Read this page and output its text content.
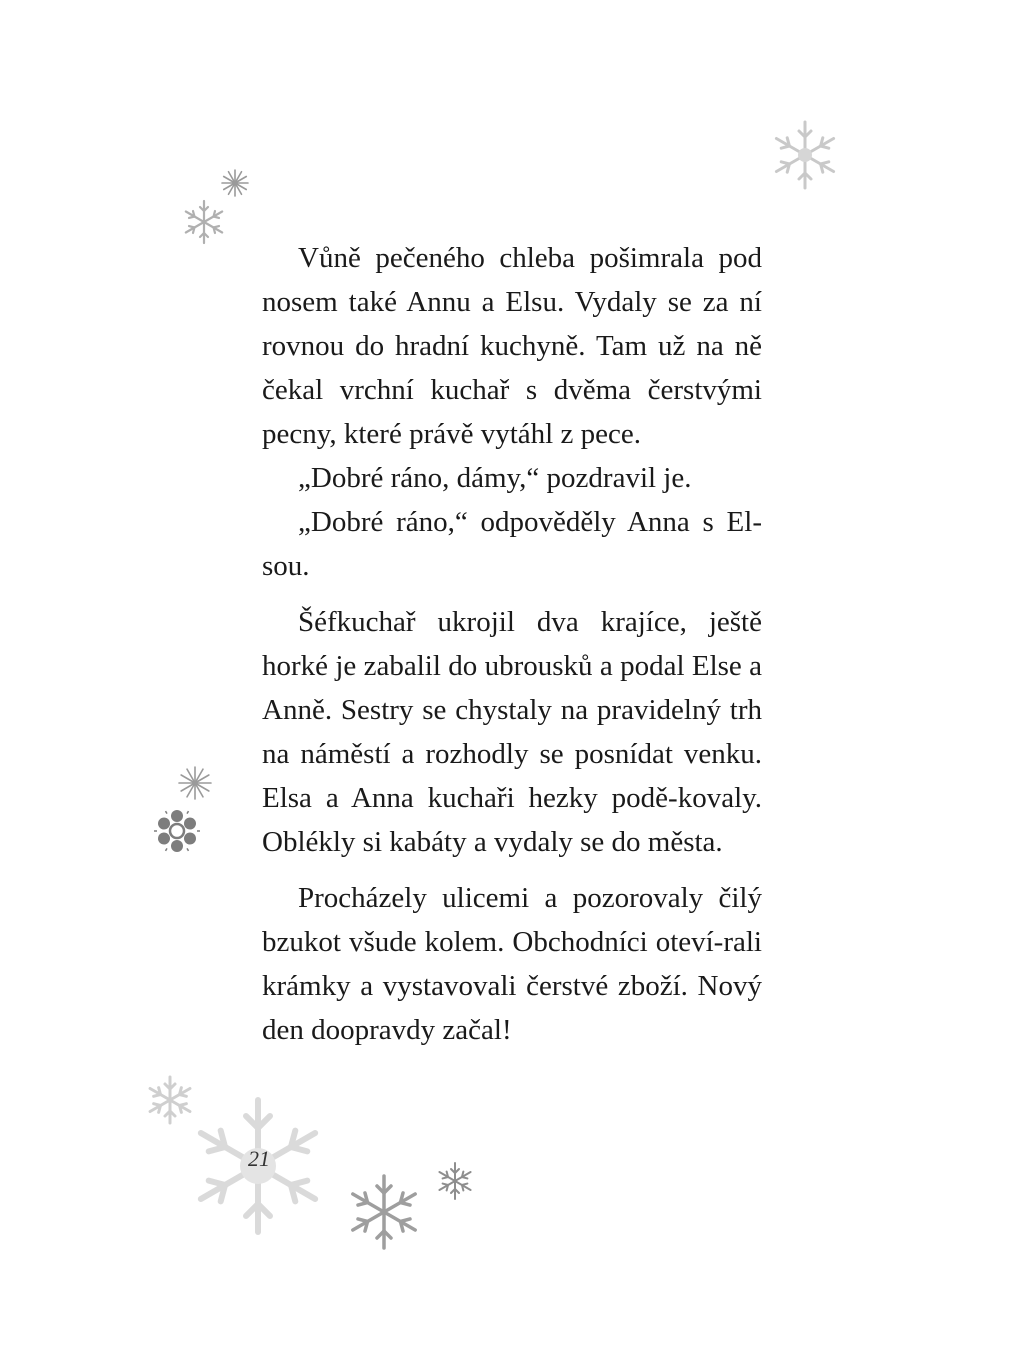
Vůně pečeného chleba pošimrala pod nosem také Annu a Elsu. Vydaly se za ní rovnou do hradní kuchyně. Tam už na ně čekal vrchní kuchař s dvěma čerstvými pecny, které právě vytáhl z pece.

„Dobré ráno, dámy,“ pozdravil je.

„Dobré ráno,“ odpověděly Anna s El-sou.

Šéfkuchař ukrojil dva krajíce, ještě horké je zabalil do ubrousků a podal Else a Anně. Sestry se chystaly na pravidelný trh na náměstí a rozhodly se posnídat venku. Elsa a Anna kuchaři hezky podě-kovaly. Oblékly si kabáty a vydaly se do města.

Procházely ulicemi a pozorovaly čilý bzukot všude kolem. Obchodníci oteví-rali krámky a vystavovali čerstvé zboží. Nový den doopravdy začal!

21
